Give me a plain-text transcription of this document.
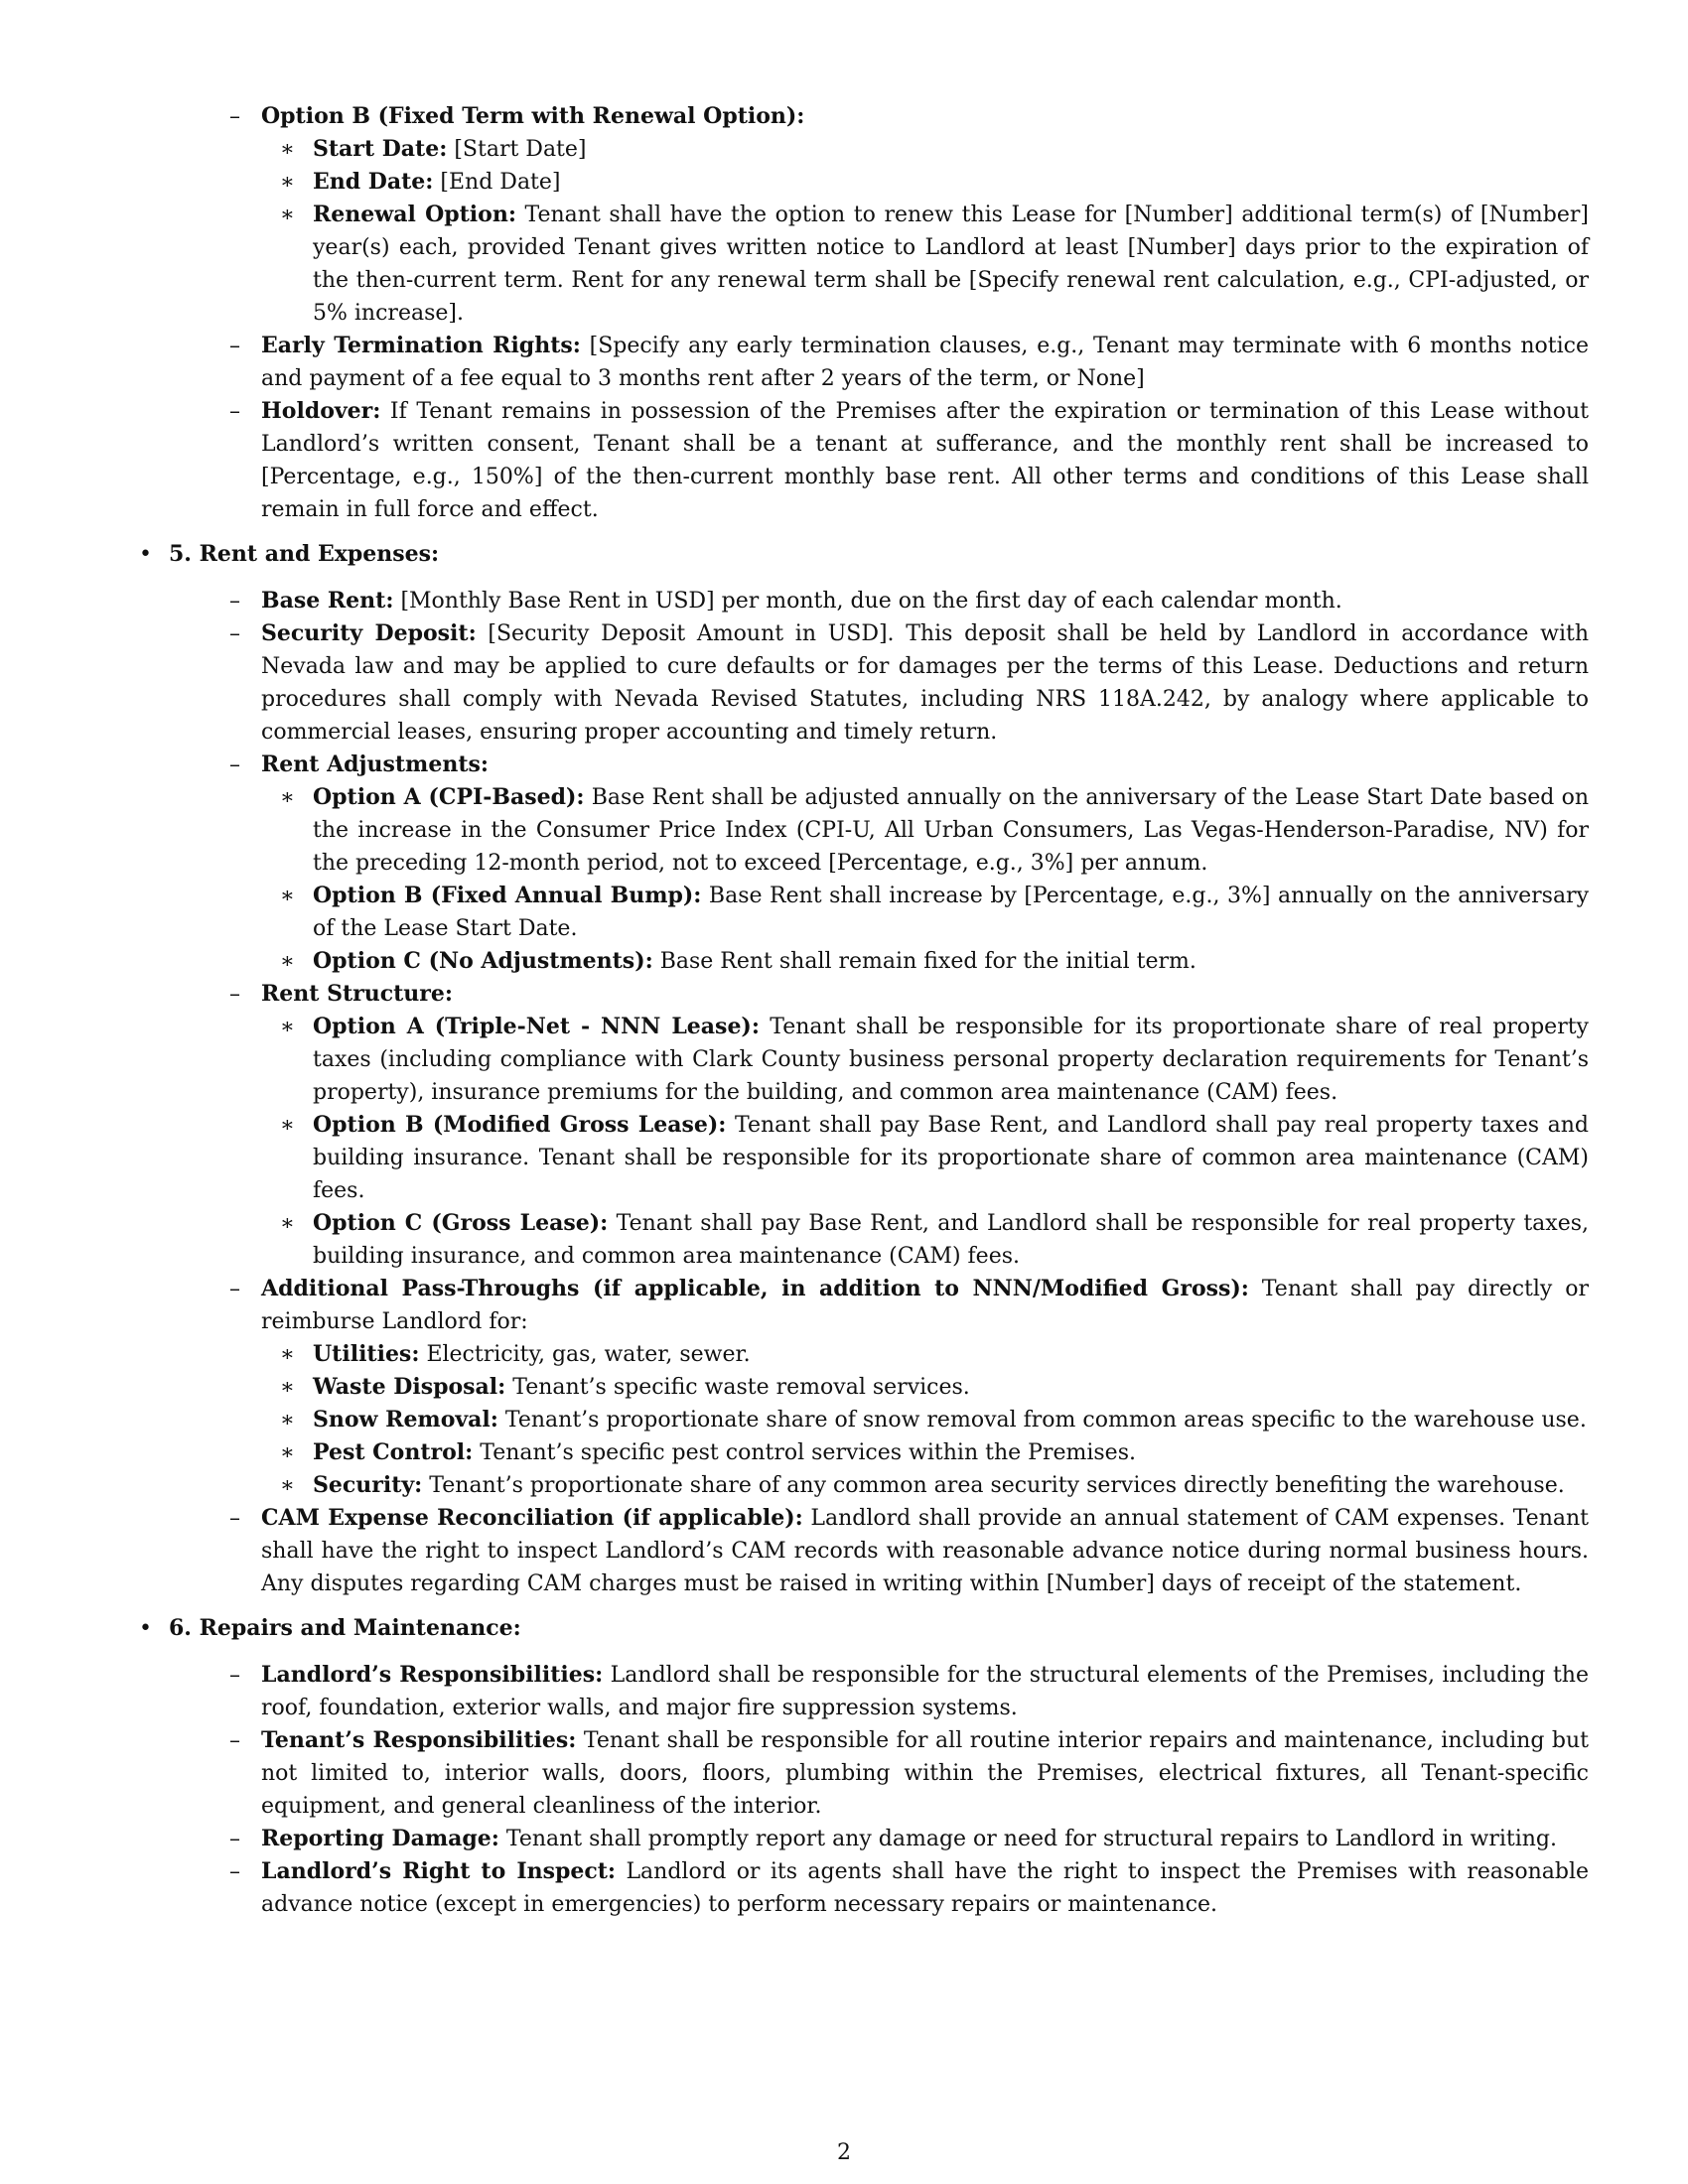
– Option B (Fixed Term with Renewal Option):

∗ Start Date: [Start Date]

∗ End Date: [End Date]

∗ Renewal Option: Tenant shall have the option to renew this Lease for [Number] additional term(s) of [Number] year(s) each, provided Tenant gives written notice to Landlord at least [Number] days prior to the expiration of the then-current term. Rent for any renewal term shall be [Specify renewal rent calculation, e.g., CPI-adjusted, or 5% increase].

– Early Termination Rights: [Specify any early termination clauses, e.g., Tenant may terminate with 6 months notice and payment of a fee equal to 3 months rent after 2 years of the term, or None]

– Holdover: If Tenant remains in possession of the Premises after the expiration or termination of this Lease without Landlord’s written consent, Tenant shall be a tenant at sufferance, and the monthly rent shall be increased to [Percentage, e.g., 150%] of the then-current monthly base rent. All other terms and conditions of this Lease shall remain in full force and effect.

• 5. Rent and Expenses:

– Base Rent: [Monthly Base Rent in USD] per month, due on the first day of each calendar month.

– Security Deposit: [Security Deposit Amount in USD]. This deposit shall be held by Landlord in accordance with Nevada law and may be applied to cure defaults or for damages per the terms of this Lease. Deductions and return procedures shall comply with Nevada Revised Statutes, including NRS 118A.242, by analogy where applicable to commercial leases, ensuring proper accounting and timely return.

– Rent Adjustments:

∗ Option A (CPI-Based): Base Rent shall be adjusted annually on the anniversary of the Lease Start Date based on the increase in the Consumer Price Index (CPI-U, All Urban Consumers, Las Vegas-Henderson-Paradise, NV) for the preceding 12-month period, not to exceed [Percentage, e.g., 3%] per annum.

∗ Option B (Fixed Annual Bump): Base Rent shall increase by [Percentage, e.g., 3%] annually on the anniversary of the Lease Start Date.

∗ Option C (No Adjustments): Base Rent shall remain fixed for the initial term.

– Rent Structure:

∗ Option A (Triple-Net - NNN Lease): Tenant shall be responsible for its proportionate share of real property taxes (including compliance with Clark County business personal property declaration requirements for Tenant’s property), insurance premiums for the building, and common area maintenance (CAM) fees.

∗ Option B (Modified Gross Lease): Tenant shall pay Base Rent, and Landlord shall pay real property taxes and building insurance. Tenant shall be responsible for its proportionate share of common area maintenance (CAM) fees.

∗ Option C (Gross Lease): Tenant shall pay Base Rent, and Landlord shall be responsible for real property taxes, building insurance, and common area maintenance (CAM) fees.

– Additional Pass-Throughs (if applicable, in addition to NNN/Modified Gross): Tenant shall pay directly or reimburse Landlord for:

∗ Utilities: Electricity, gas, water, sewer.

∗ Waste Disposal: Tenant’s specific waste removal services.

∗ Snow Removal: Tenant’s proportionate share of snow removal from common areas specific to the warehouse use.

∗ Pest Control: Tenant’s specific pest control services within the Premises.

∗ Security: Tenant’s proportionate share of any common area security services directly benefiting the warehouse.

– CAM Expense Reconciliation (if applicable): Landlord shall provide an annual statement of CAM expenses. Tenant shall have the right to inspect Landlord’s CAM records with reasonable advance notice during normal business hours. Any disputes regarding CAM charges must be raised in writing within [Number] days of receipt of the statement.

• 6. Repairs and Maintenance:

– Landlord’s Responsibilities: Landlord shall be responsible for the structural elements of the Premises, including the roof, foundation, exterior walls, and major fire suppression systems.

– Tenant’s Responsibilities: Tenant shall be responsible for all routine interior repairs and maintenance, including but not limited to, interior walls, doors, floors, plumbing within the Premises, electrical fixtures, all Tenant-specific equipment, and general cleanliness of the interior.

– Reporting Damage: Tenant shall promptly report any damage or need for structural repairs to Landlord in writing.

– Landlord’s Right to Inspect: Landlord or its agents shall have the right to inspect the Premises with reasonable advance notice (except in emergencies) to perform necessary repairs or maintenance.

2
